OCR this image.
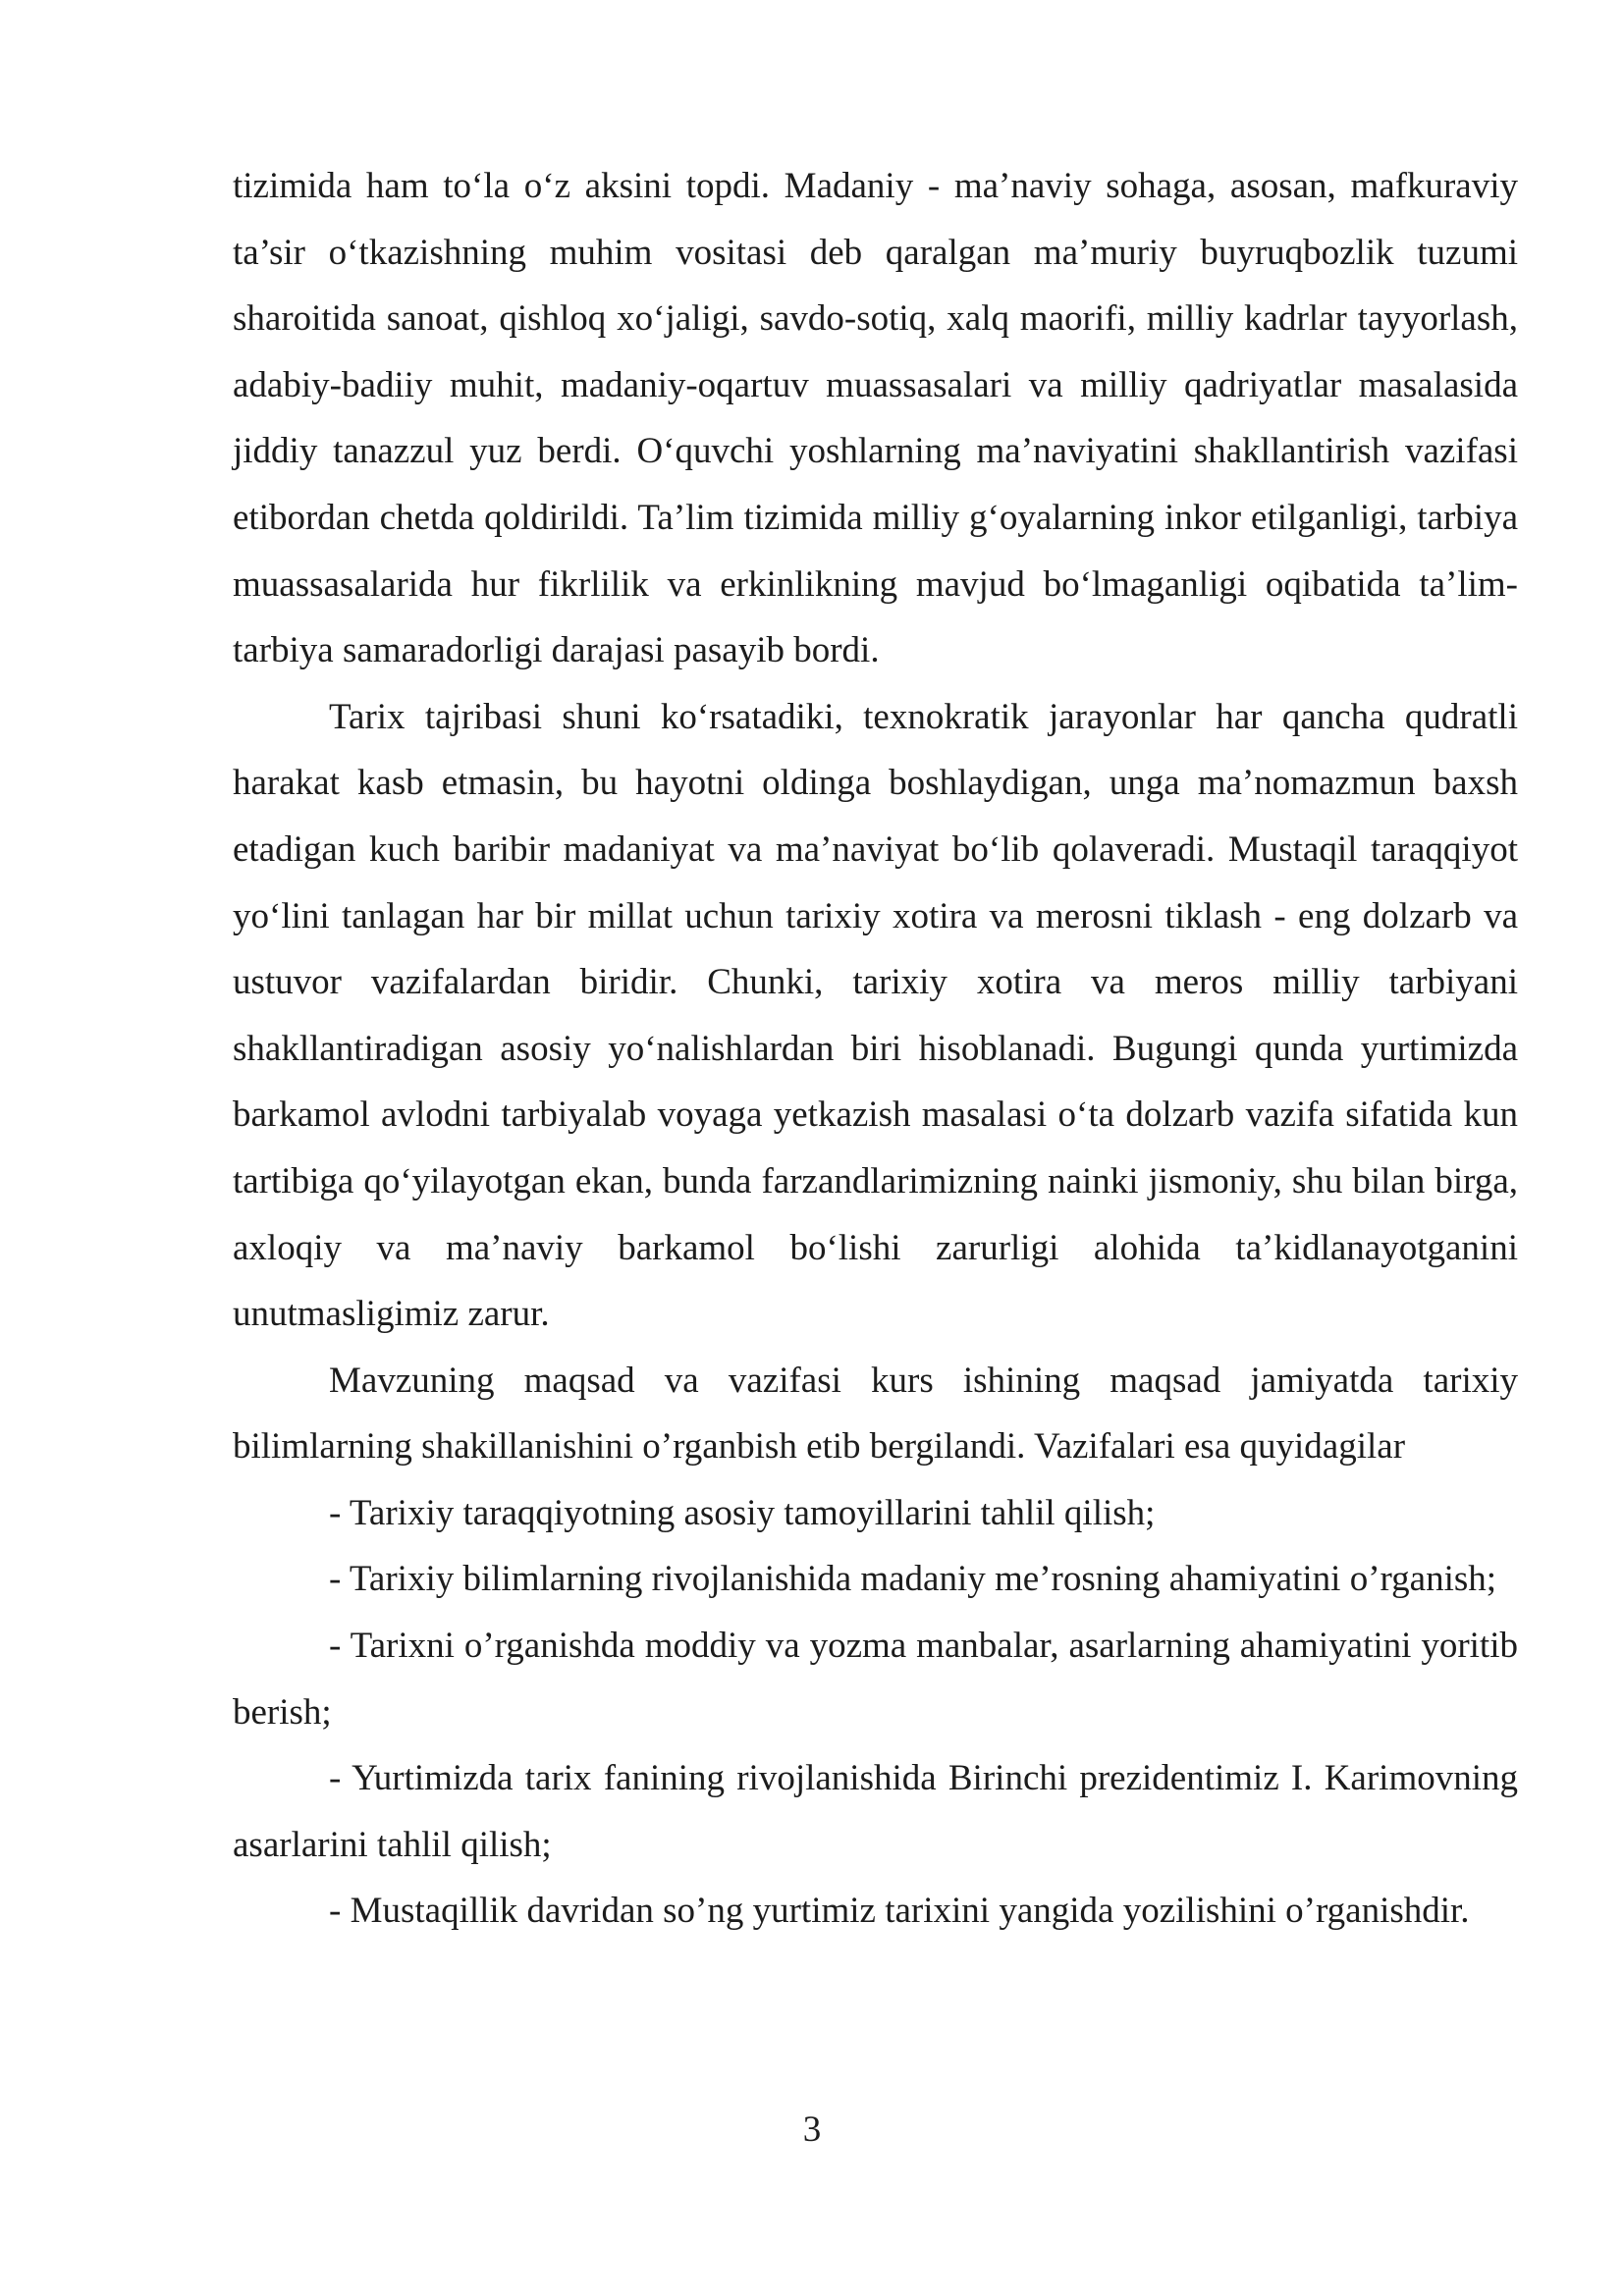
tizimida ham to‘la o‘z aksini topdi. Madaniy - ma’naviy sohaga, asosan, mafkuraviy ta’sir o‘tkazishning muhim vositasi deb qaralgan ma’muriy buyruqbozlik tuzumi sharoitida sanoat, qishloq xo‘jaligi, savdo-sotiq, xalq maorifi, milliy kadrlar tayyorlash, adabiy-badiiy muhit, madaniy-oqartuv muassasalari va milliy qadriyatlar masalasida jiddiy tanazzul yuz berdi. O‘quvchi yoshlarning ma’naviyatini shakllantirish vazifasi etibordan chetda qoldirildi. Ta’lim tizimida milliy g‘oyalarning inkor etilganligi, tarbiya muassasalarida hur fikrlilik va erkinlikning mavjud bo‘lmaganligi oqibatida ta’lim-tarbiya samaradorligi darajasi pasayib bordi.

Tarix tajribasi shuni ko‘rsatadiki, texnokratik jarayonlar har qancha qudratli harakat kasb etmasin, bu hayotni oldinga boshlaydigan, unga ma’nomazmun baxsh etadigan kuch baribir madaniyat va ma’naviyat bo‘lib qolaveradi. Mustaqil taraqqiyot yo‘lini tanlagan har bir millat uchun tarixiy xotira va merosni tiklash - eng dolzarb va ustuvor vazifalardan biridir. Chunki, tarixiy xotira va meros milliy tarbiyani shakllantiradigan asosiy yo‘nalishlardan biri hisoblanadi. Bugungi qunda yurtimizda barkamol avlodni tarbiyalab voyaga yetkazish masalasi o‘ta dolzarb vazifa sifatida kun tartibiga qo‘yilayotgan ekan, bunda farzandlarimizning nainki jismoniy, shu bilan birga, axloqiy va ma’naviy barkamol bo‘lishi zarurligi alohida ta’kidlanayotganini unutmasligimiz zarur.

Mavzuning maqsad va vazifasi kurs ishining maqsad jamiyatda tarixiy bilimlarning shakillanishini o’rganbish etib bergilandi. Vazifalari esa quyidagilar

- Tarixiy taraqqiyotning asosiy tamoyillarini tahlil qilish;

- Tarixiy bilimlarning rivojlanishida madaniy me’rosning ahamiyatini o’rganish;

- Tarixni o’rganishda moddiy va yozma manbalar, asarlarning ahamiyatini yoritib berish;

- Yurtimizda tarix fanining rivojlanishida Birinchi prezidentimiz I. Karimovning asarlarini tahlil qilish;

- Mustaqillik davridan so’ng yurtimiz tarixini yangida yozilishini o’rganishdir.

3
